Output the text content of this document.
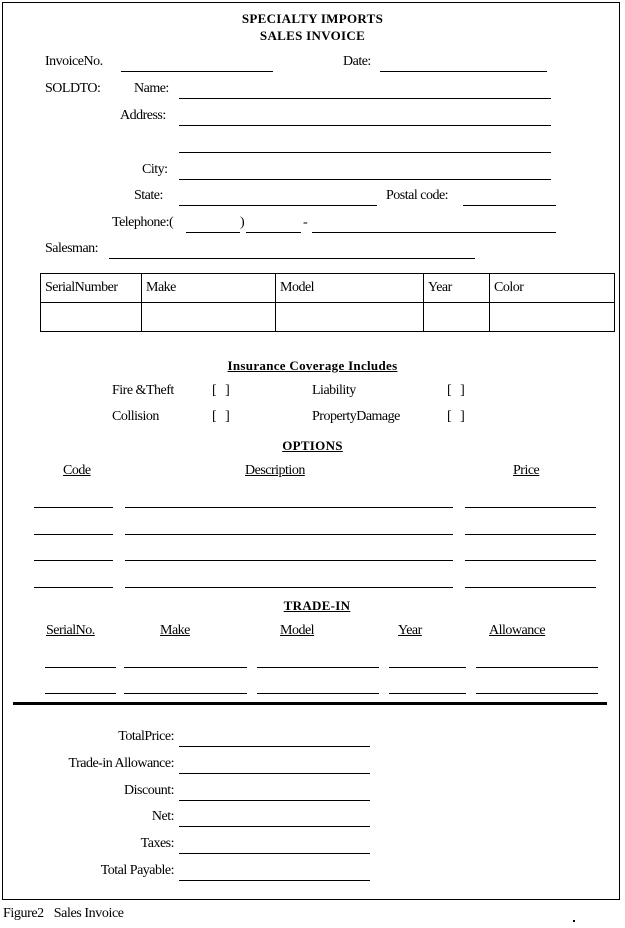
SPECIALTY IMPORTS
SALES INVOICE
InvoiceNo.	Date:
SOLDTO: Name:
Address:
City:
State:	Postal code:
Telephone:(	)	-
Salesman:
SerialNumber	Make	Model	Year	Color

Insurance Coverage Includes
Fire &Theft	[   ]	Liability	[   ]
Collision	[   ]	PropertyDamage	[   ]
OPTIONS
Code	Description	Price
TRADE-IN
SerialNo.	Make	Model	Year	Allowance
TotalPrice:
Trade-in Allowance:
Discount:
Net:
Taxes:
Total Payable:
Figure2 Sales Invoice
